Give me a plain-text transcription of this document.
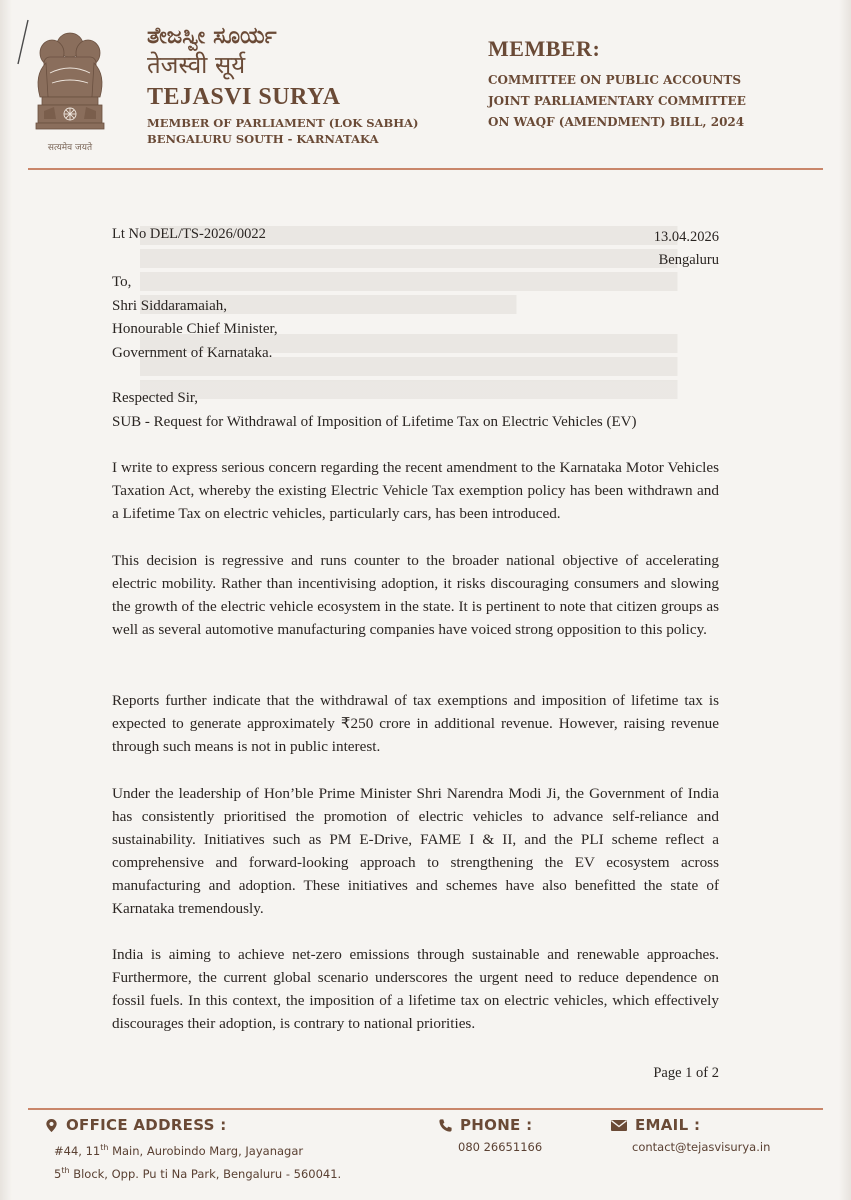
सत्यमेव जयते
ತೇಜಸ್ವೀ ಸೂರ್ಯ
तेजस्वी सूर्य
TEJASVI SURYA
MEMBER OF PARLIAMENT (LOK SABHA)
BENGALURU SOUTH - KARNATAKA
MEMBER:
COMMITTEE ON PUBLIC ACCOUNTS
JOINT PARLIAMENTARY COMMITTEE
ON WAQF (AMENDMENT) BILL, 2024
Lt No DEL/TS-2026/0022	13.04.2026
Bengaluru
To,
Shri Siddaramaiah,
Honourable Chief Minister,
Government of Karnataka.
Respected Sir,
SUB - Request for Withdrawal of Imposition of Lifetime Tax on Electric Vehicles (EV)

I write to express serious concern regarding the recent amendment to the Karnataka Motor Vehicles Taxation Act, whereby the existing Electric Vehicle Tax exemption policy has been withdrawn and a Lifetime Tax on electric vehicles, particularly cars, has been introduced.

This decision is regressive and runs counter to the broader national objective of accelerating electric mobility. Rather than incentivising adoption, it risks discouraging consumers and slowing the growth of the electric vehicle ecosystem in the state. It is pertinent to note that citizen groups as well as several automotive manufacturing companies have voiced strong opposition to this policy.

Reports further indicate that the withdrawal of tax exemptions and imposition of lifetime tax is expected to generate approximately ₹250 crore in additional revenue. However, raising revenue through such means is not in public interest.

Under the leadership of Hon’ble Prime Minister Shri Narendra Modi Ji, the Government of India has consistently prioritised the promotion of electric vehicles to advance self-reliance and sustainability. Initiatives such as PM E-Drive, FAME I & II, and the PLI scheme reflect a comprehensive and forward-looking approach to strengthening the EV ecosystem across manufacturing and adoption. These initiatives and schemes have also benefitted the state of Karnataka tremendously.

India is aiming to achieve net-zero emissions through sustainable and renewable approaches. Furthermore, the current global scenario underscores the urgent need to reduce dependence on fossil fuels. In this context, the imposition of a lifetime tax on electric vehicles, which effectively discourages their adoption, is contrary to national priorities.

Page 1 of 2
OFFICE ADDRESS :
#44, 11th Main, Aurobindo Marg, Jayanagar
5th Block, Opp. Pu ti Na Park, Bengaluru - 560041.
PHONE :
080 26651166
EMAIL :
contact@tejasvisurya.in
